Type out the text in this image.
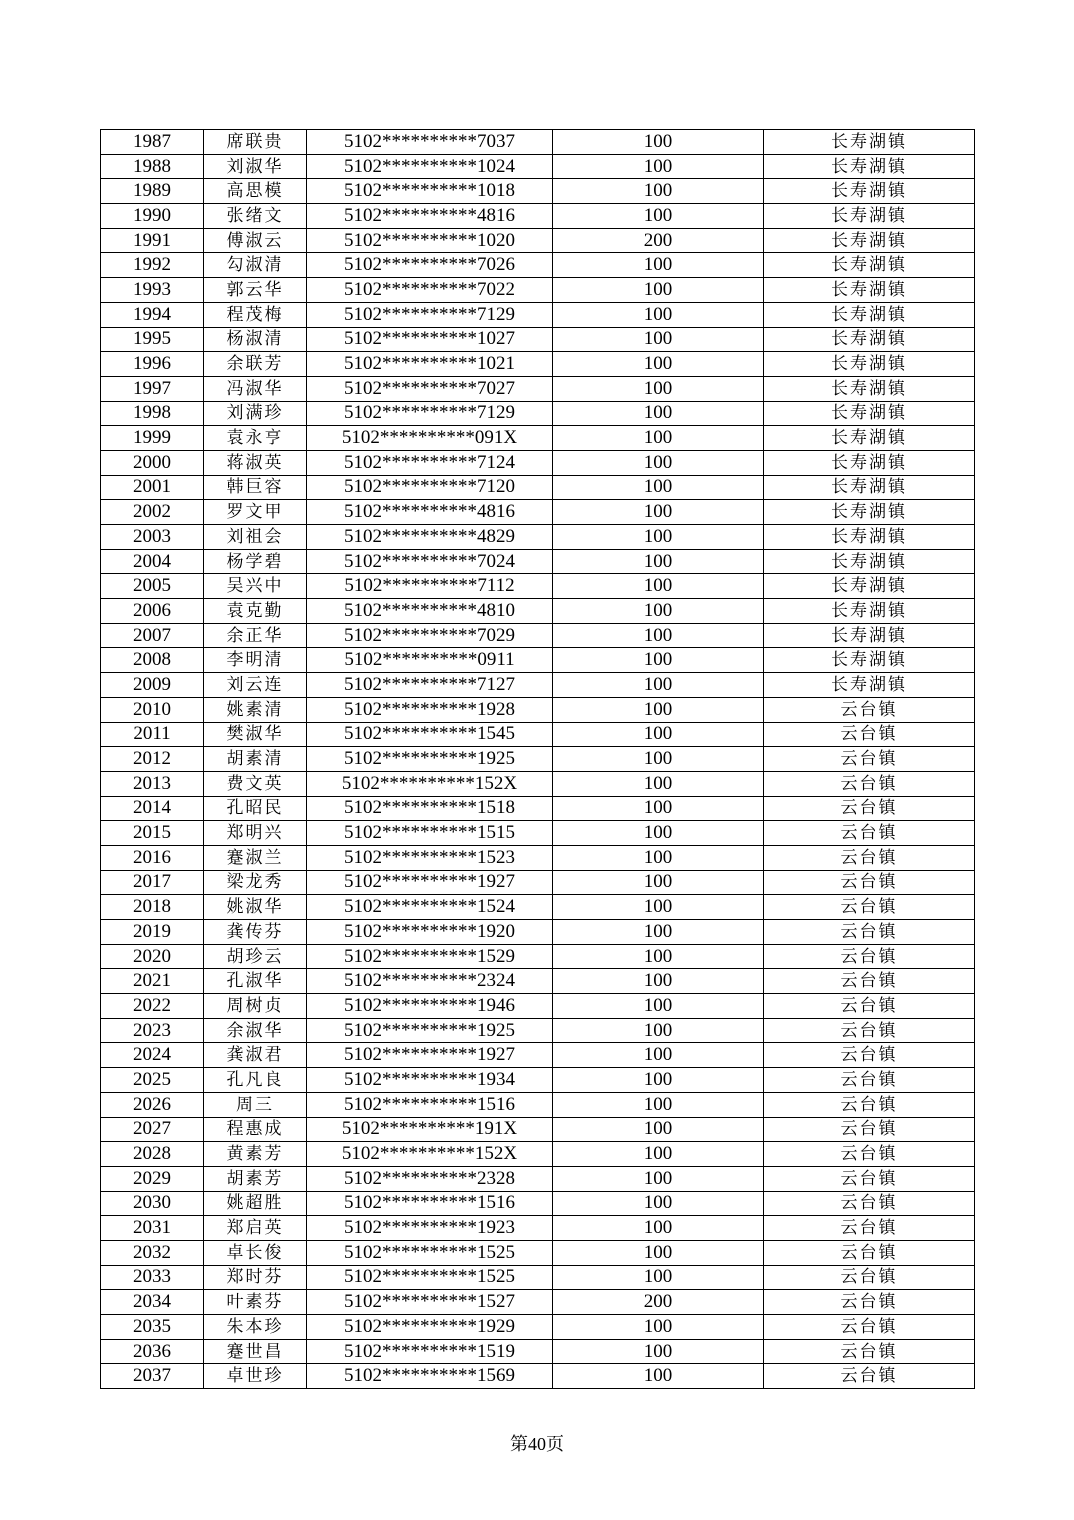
1987	席联贵	5102**********7037	100	长寿湖镇
1988	刘淑华	5102**********1024	100	长寿湖镇
1989	高思模	5102**********1018	100	长寿湖镇
1990	张绪文	5102**********4816	100	长寿湖镇
1991	傅淑云	5102**********1020	200	长寿湖镇
1992	勾淑清	5102**********7026	100	长寿湖镇
1993	郭云华	5102**********7022	100	长寿湖镇
1994	程茂梅	5102**********7129	100	长寿湖镇
1995	杨淑清	5102**********1027	100	长寿湖镇
1996	余联芳	5102**********1021	100	长寿湖镇
1997	冯淑华	5102**********7027	100	长寿湖镇
1998	刘满珍	5102**********7129	100	长寿湖镇
1999	袁永亨	5102**********091X	100	长寿湖镇
2000	蒋淑英	5102**********7124	100	长寿湖镇
2001	韩巨容	5102**********7120	100	长寿湖镇
2002	罗文甲	5102**********4816	100	长寿湖镇
2003	刘祖会	5102**********4829	100	长寿湖镇
2004	杨学碧	5102**********7024	100	长寿湖镇
2005	吴兴中	5102**********7112	100	长寿湖镇
2006	袁克勤	5102**********4810	100	长寿湖镇
2007	余正华	5102**********7029	100	长寿湖镇
2008	李明清	5102**********0911	100	长寿湖镇
2009	刘云连	5102**********7127	100	长寿湖镇
2010	姚素清	5102**********1928	100	云台镇
2011	樊淑华	5102**********1545	100	云台镇
2012	胡素清	5102**********1925	100	云台镇
2013	费文英	5102**********152X	100	云台镇
2014	孔昭民	5102**********1518	100	云台镇
2015	郑明兴	5102**********1515	100	云台镇
2016	蹇淑兰	5102**********1523	100	云台镇
2017	梁龙秀	5102**********1927	100	云台镇
2018	姚淑华	5102**********1524	100	云台镇
2019	龚传芬	5102**********1920	100	云台镇
2020	胡珍云	5102**********1529	100	云台镇
2021	孔淑华	5102**********2324	100	云台镇
2022	周树贞	5102**********1946	100	云台镇
2023	余淑华	5102**********1925	100	云台镇
2024	龚淑君	5102**********1927	100	云台镇
2025	孔凡良	5102**********1934	100	云台镇
2026	周三	5102**********1516	100	云台镇
2027	程惠成	5102**********191X	100	云台镇
2028	黄素芳	5102**********152X	100	云台镇
2029	胡素芳	5102**********2328	100	云台镇
2030	姚超胜	5102**********1516	100	云台镇
2031	郑启英	5102**********1923	100	云台镇
2032	卓长俊	5102**********1525	100	云台镇
2033	郑时芬	5102**********1525	100	云台镇
2034	叶素芬	5102**********1527	200	云台镇
2035	朱本珍	5102**********1929	100	云台镇
2036	蹇世昌	5102**********1519	100	云台镇
2037	卓世珍	5102**********1569	100	云台镇
第40页
